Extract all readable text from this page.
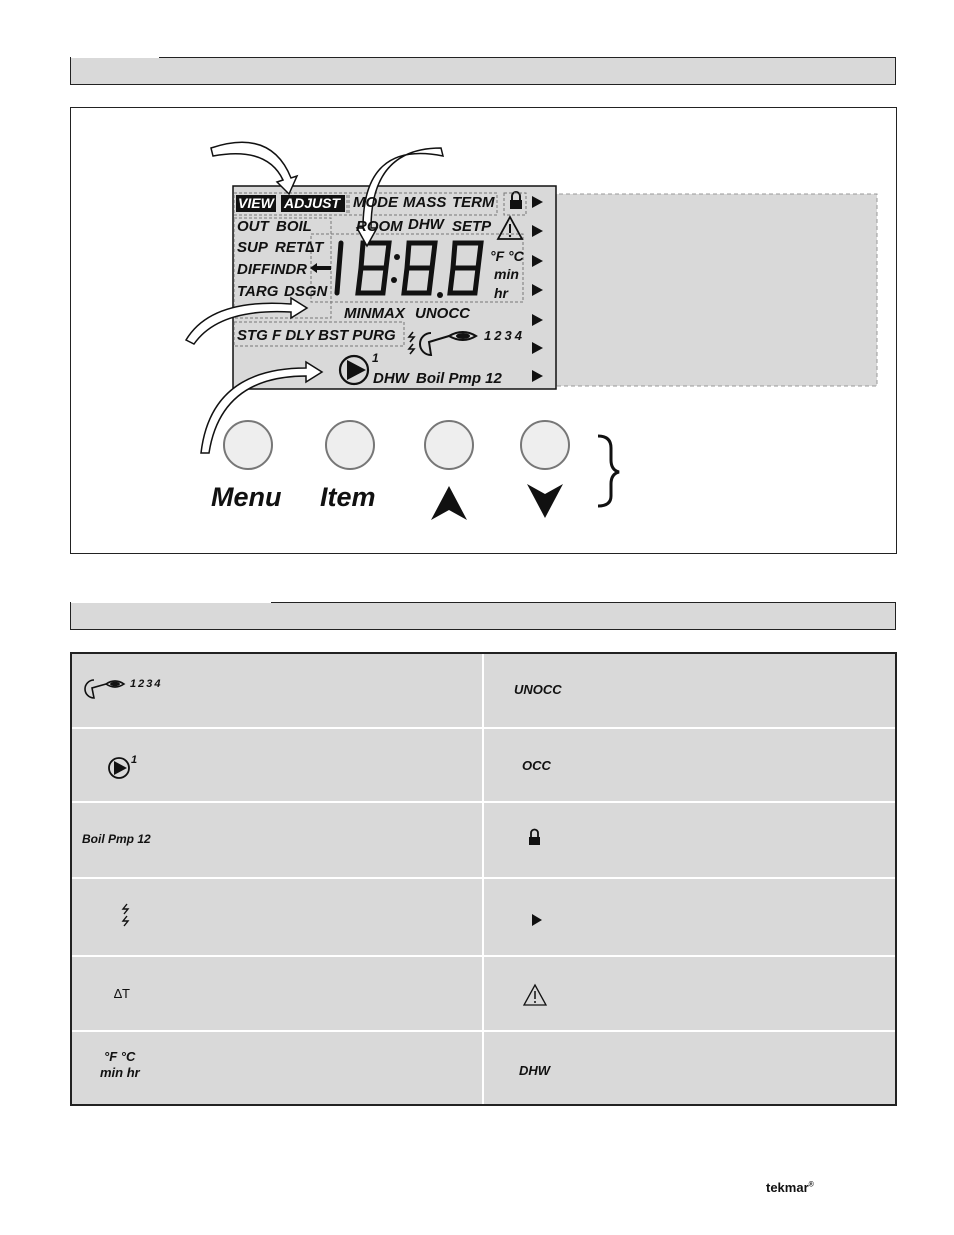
VIEW ADJUST MODE MASS TERM
OUT BOIL	ROOM DHW SETP
SUP RET ∆T
DIFFINDR
TARG DSGN
°F °C
min
hr
MINMAX UNOCC
STG F DLY BST PURG	1234
1
DHW Boil Pmp 12
Menu Item
1234
1
Boil Pmp 12
∆T
°F °C
min hr
UNOCC
OCC
DHW
tekmar®
